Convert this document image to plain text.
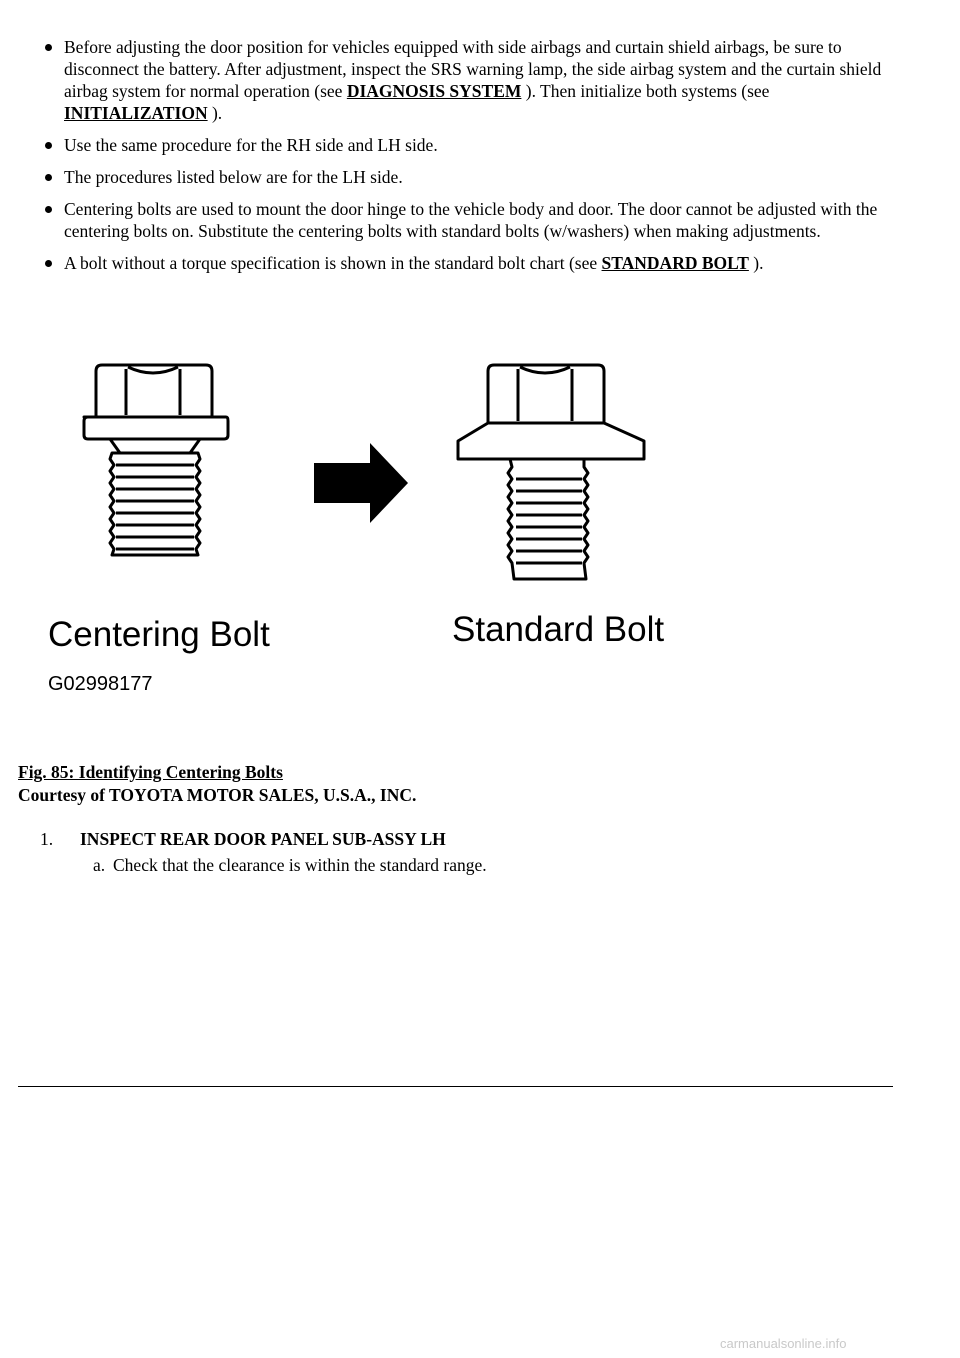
Before adjusting the door position for vehicles equipped with side airbags and curtain shield airbags, be sure to disconnect the battery. After adjustment, inspect the SRS warning lamp, the side airbag system and the curtain shield airbag system for normal operation (see DIAGNOSIS SYSTEM ). Then initialize both systems (see INITIALIZATION ).
Use the same procedure for the RH side and LH side.
The procedures listed below are for the LH side.
Centering bolts are used to mount the door hinge to the vehicle body and door. The door cannot be adjusted with the centering bolts on. Substitute the centering bolts with standard bolts (w/washers) when making adjustments.
A bolt without a torque specification is shown in the standard bolt chart (see STANDARD BOLT ).
Centering Bolt	Standard Bolt
G02998177
Fig. 85: Identifying Centering Bolts
Courtesy of TOYOTA MOTOR SALES, U.S.A., INC.
1. INSPECT REAR DOOR PANEL SUB-ASSY LH
a. Check that the clearance is within the standard range.
carmanualsonline.info
